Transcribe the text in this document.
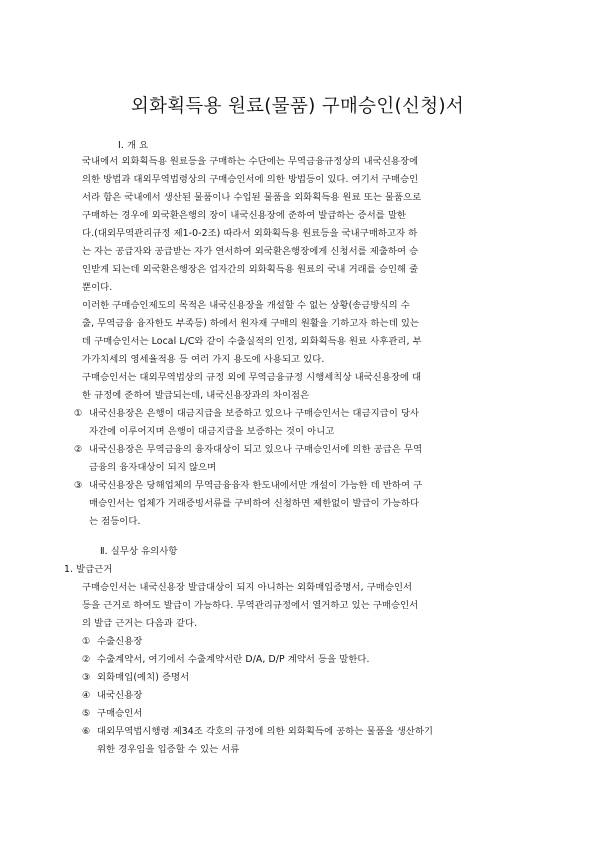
외화획득용 원료(물품) 구매승인(신청)서
Ⅰ. 개 요
국내에서 외화획득용 원료등을 구매하는 수단에는 무역금융규정상의 내국신용장에
의한 방법과 대외무역법령상의 구매승인서에 의한 방법등이 있다. 여기서 구매승인
서라 함은 국내에서 생산된 물품이나 수입된 물품을 외화획득용 원료 또는 물품으로
구매하는 경우에 외국환은행의 장이 내국신용장에 준하여 발급하는 증서를 말한
다.(대외무역관리규정 제1-0-2조) 따라서 외화획득용 원료등을 국내구매하고자 하
는 자는 공급자와 공급받는 자가 연서하여 외국환은행장에게 신청서를 제출하여 승
인받게 되는데 외국환은행장은 업자간의 외화획득용 원료의 국내 거래를 승인해 줄
뿐이다.
이러한 구매승인제도의 목적은 내국신용장을 개설할 수 없는 상황(송금방식의 수
출, 무역금융 융자한도 부족등) 하에서 원자재 구매의 원활을 기하고자 하는데 있는
데 구매승인서는 Local L/C와 같이 수출실적의 인정, 외화획득용 원료 사후관리, 부
가가치세의 영세율적용 등 여러 가지 용도에 사용되고 있다.
구매승인서는 대외무역법상의 규정 외에 무역금융규정 시행세칙상 내국신용장에 대
한 규정에 준하여 발급되는데, 내국신용장과의 차이점은
① 내국신용장은 은행이 대금지급을 보증하고 있으나 구매승인서는 대금지급이 당사
자간에 이루어지며 은행이 대금지급을 보증하는 것이 아니고
② 내국신용장은 무역금융의 융자대상이 되고 있으나 구매승인서에 의한 공급은 무역
금융의 융자대상이 되지 않으며
③ 내국신용장은 당해업체의 무역금융융자 한도내에서만 개설이 가능한 데 반하여 구
매승인서는 업체가 거래증빙서류를 구비하여 신청하면 제한없이 발급이 가능하다
는 점등이다.
Ⅱ. 실무상 유의사항
1. 발급근거
구매승인서는 내국신용장 발급대상이 되지 아니하는 외화매입증명서, 구매승인서
등을 근거로 하여도 발급이 가능하다. 무역관리규정에서 열거하고 있는 구매승인서
의 발급 근거는 다음과 같다.
① 수출신용장
② 수출계약서, 여기에서 수출계약서란 D/A, D/P 계약서 등을 말한다.
③ 외화매입(예치) 증명서
④ 내국신용장
⑤ 구매승인서
⑥ 대외무역법시행령 제34조 각호의 규정에 의한 외화획득에 공하는 물품을 생산하기
위한 경우임을 입증할 수 있는 서류
